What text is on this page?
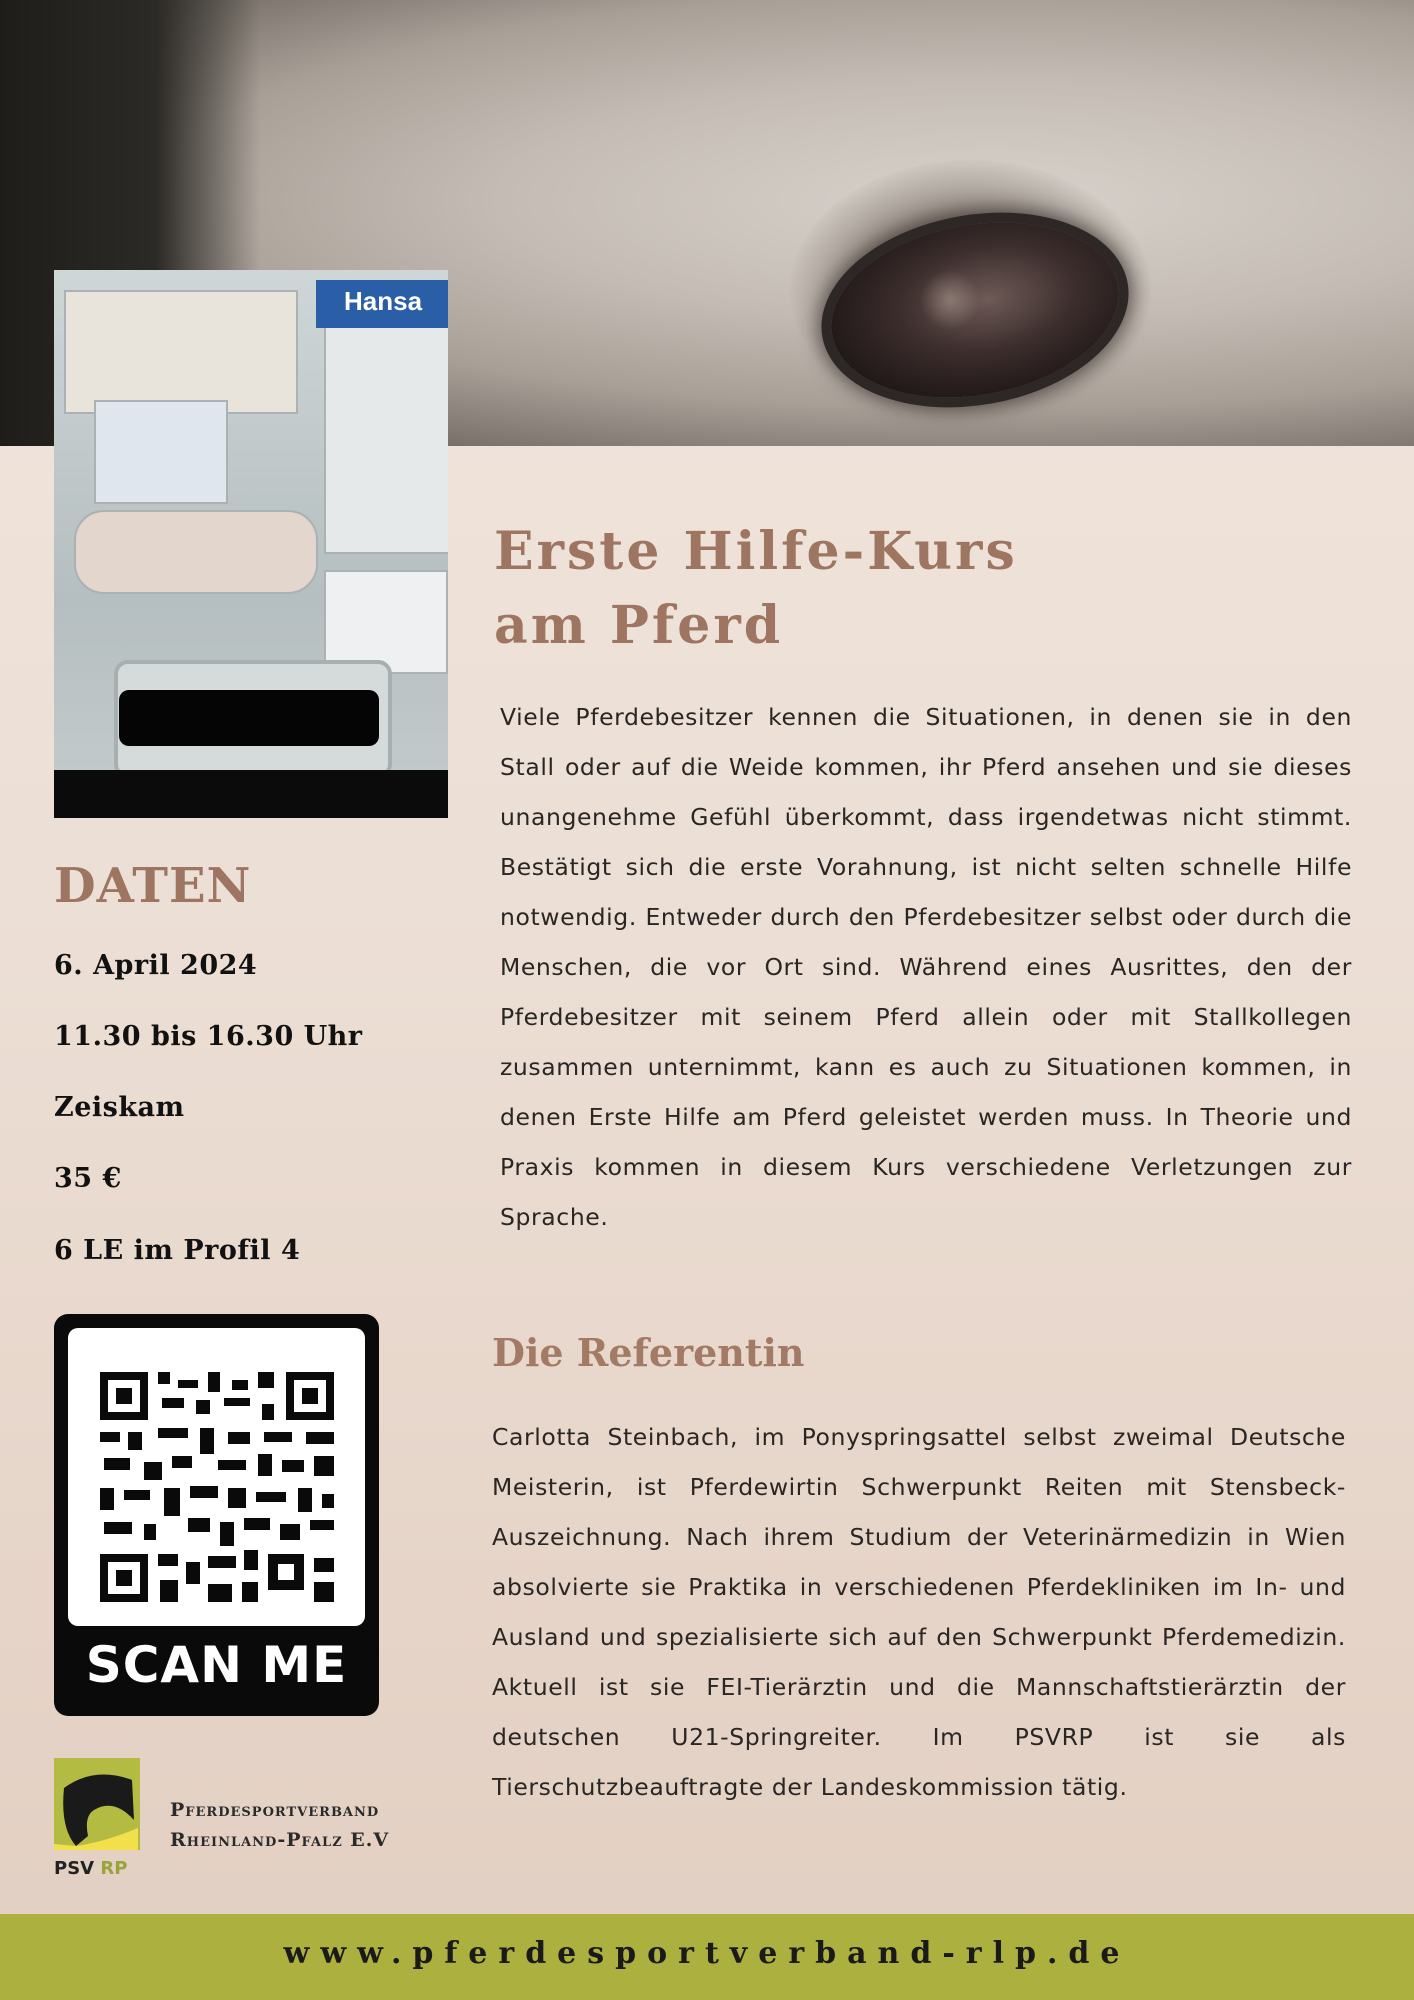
Hansa
Erste Hilfe-Kurs
am Pferd

Viele Pferdebesitzer kennen die Situationen, in denen sie in den Stall oder auf die Weide kommen, ihr Pferd ansehen und sie dieses unangenehme Gefühl überkommt, dass irgendetwas nicht stimmt. Bestätigt sich die erste Vorahnung, ist nicht selten schnelle Hilfe notwendig. Entweder durch den Pferdebesitzer selbst oder durch die Menschen, die vor Ort sind. Während eines Ausrittes, den der Pferdebesitzer mit seinem Pferd allein oder mit Stallkollegen zusammen unternimmt, kann es auch zu Situationen kommen, in denen Erste Hilfe am Pferd geleistet werden muss. In Theorie und Praxis kommen in diesem Kurs verschiedene Verletzungen zur Sprache.

Die Referentin

Carlotta Steinbach, im Ponyspringsattel selbst zweimal Deutsche Meisterin, ist Pferdewirtin Schwerpunkt Reiten mit Stensbeck-Auszeichnung. Nach ihrem Studium der Veterinärmedizin in Wien absolvierte sie Praktika in verschiedenen Pferdekliniken im In- und Ausland und spezialisierte sich auf den Schwerpunkt Pferdemedizin. Aktuell ist sie FEI-Tierärztin und die Mannschaftstierärztin der deutschen U21-Springreiter. Im PSVRP ist sie als Tierschutzbeauftragte der Landeskommission tätig.

DATEN

6. April 2024

11.30 bis 16.30 Uhr

Zeiskam

35 €

6 LE im Profil 4

SCAN ME

PSV RP

Pferdesportverband
Rheinland-Pfalz E.V

www.pferdesportverband-rlp.de
